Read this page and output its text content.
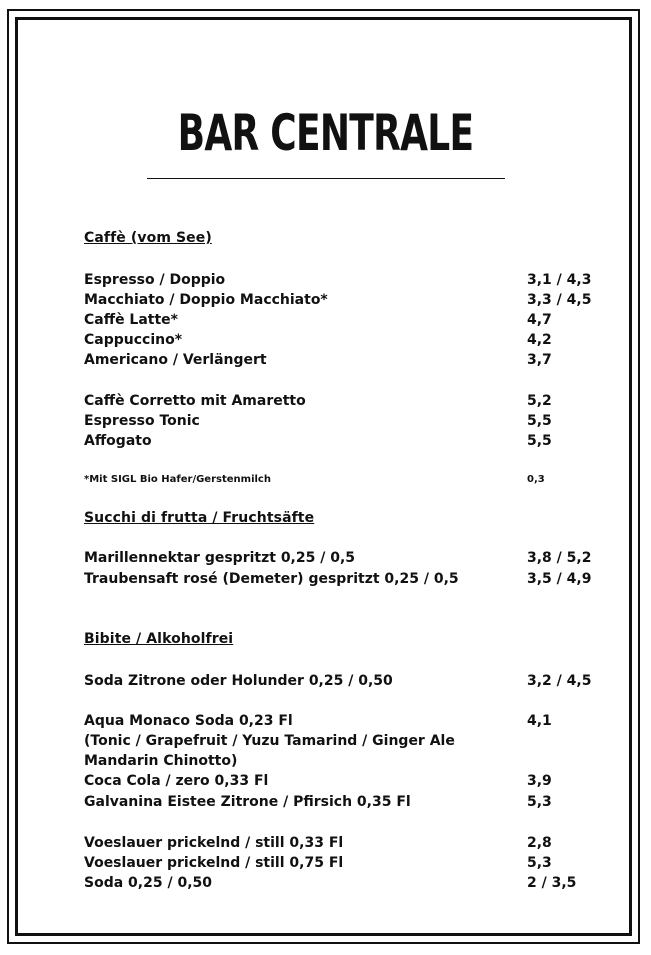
BAR CENTRALE
Caffè (vom See)
Espresso / Doppio	3,1 / 4,3
Macchiato / Doppio Macchiato*	3,3 / 4,5
Caffè Latte*	4,7
Cappuccino*	4,2
Americano / Verlängert	3,7
Caffè Corretto mit Amaretto	5,2
Espresso Tonic	5,5
Affogato	5,5
*Mit SIGL Bio Hafer/Gerstenmilch	0,3
Succhi di frutta / Fruchtsäfte
Marillennektar gespritzt 0,25 / 0,5	3,8 / 5,2
Traubensaft rosé (Demeter) gespritzt 0,25 / 0,5	3,5 / 4,9
Bibite / Alkoholfrei
Soda Zitrone oder Holunder 0,25 / 0,50	3,2 / 4,5
Aqua Monaco Soda 0,23 Fl	4,1
(Tonic / Grapefruit / Yuzu Tamarind / Ginger Ale
Mandarin Chinotto)
Coca Cola / zero 0,33 Fl	3,9
Galvanina Eistee Zitrone / Pfirsich 0,35 Fl	5,3
Voeslauer prickelnd / still 0,33 Fl	2,8
Voeslauer prickelnd / still 0,75 Fl	5,3
Soda 0,25 / 0,50	2 / 3,5
